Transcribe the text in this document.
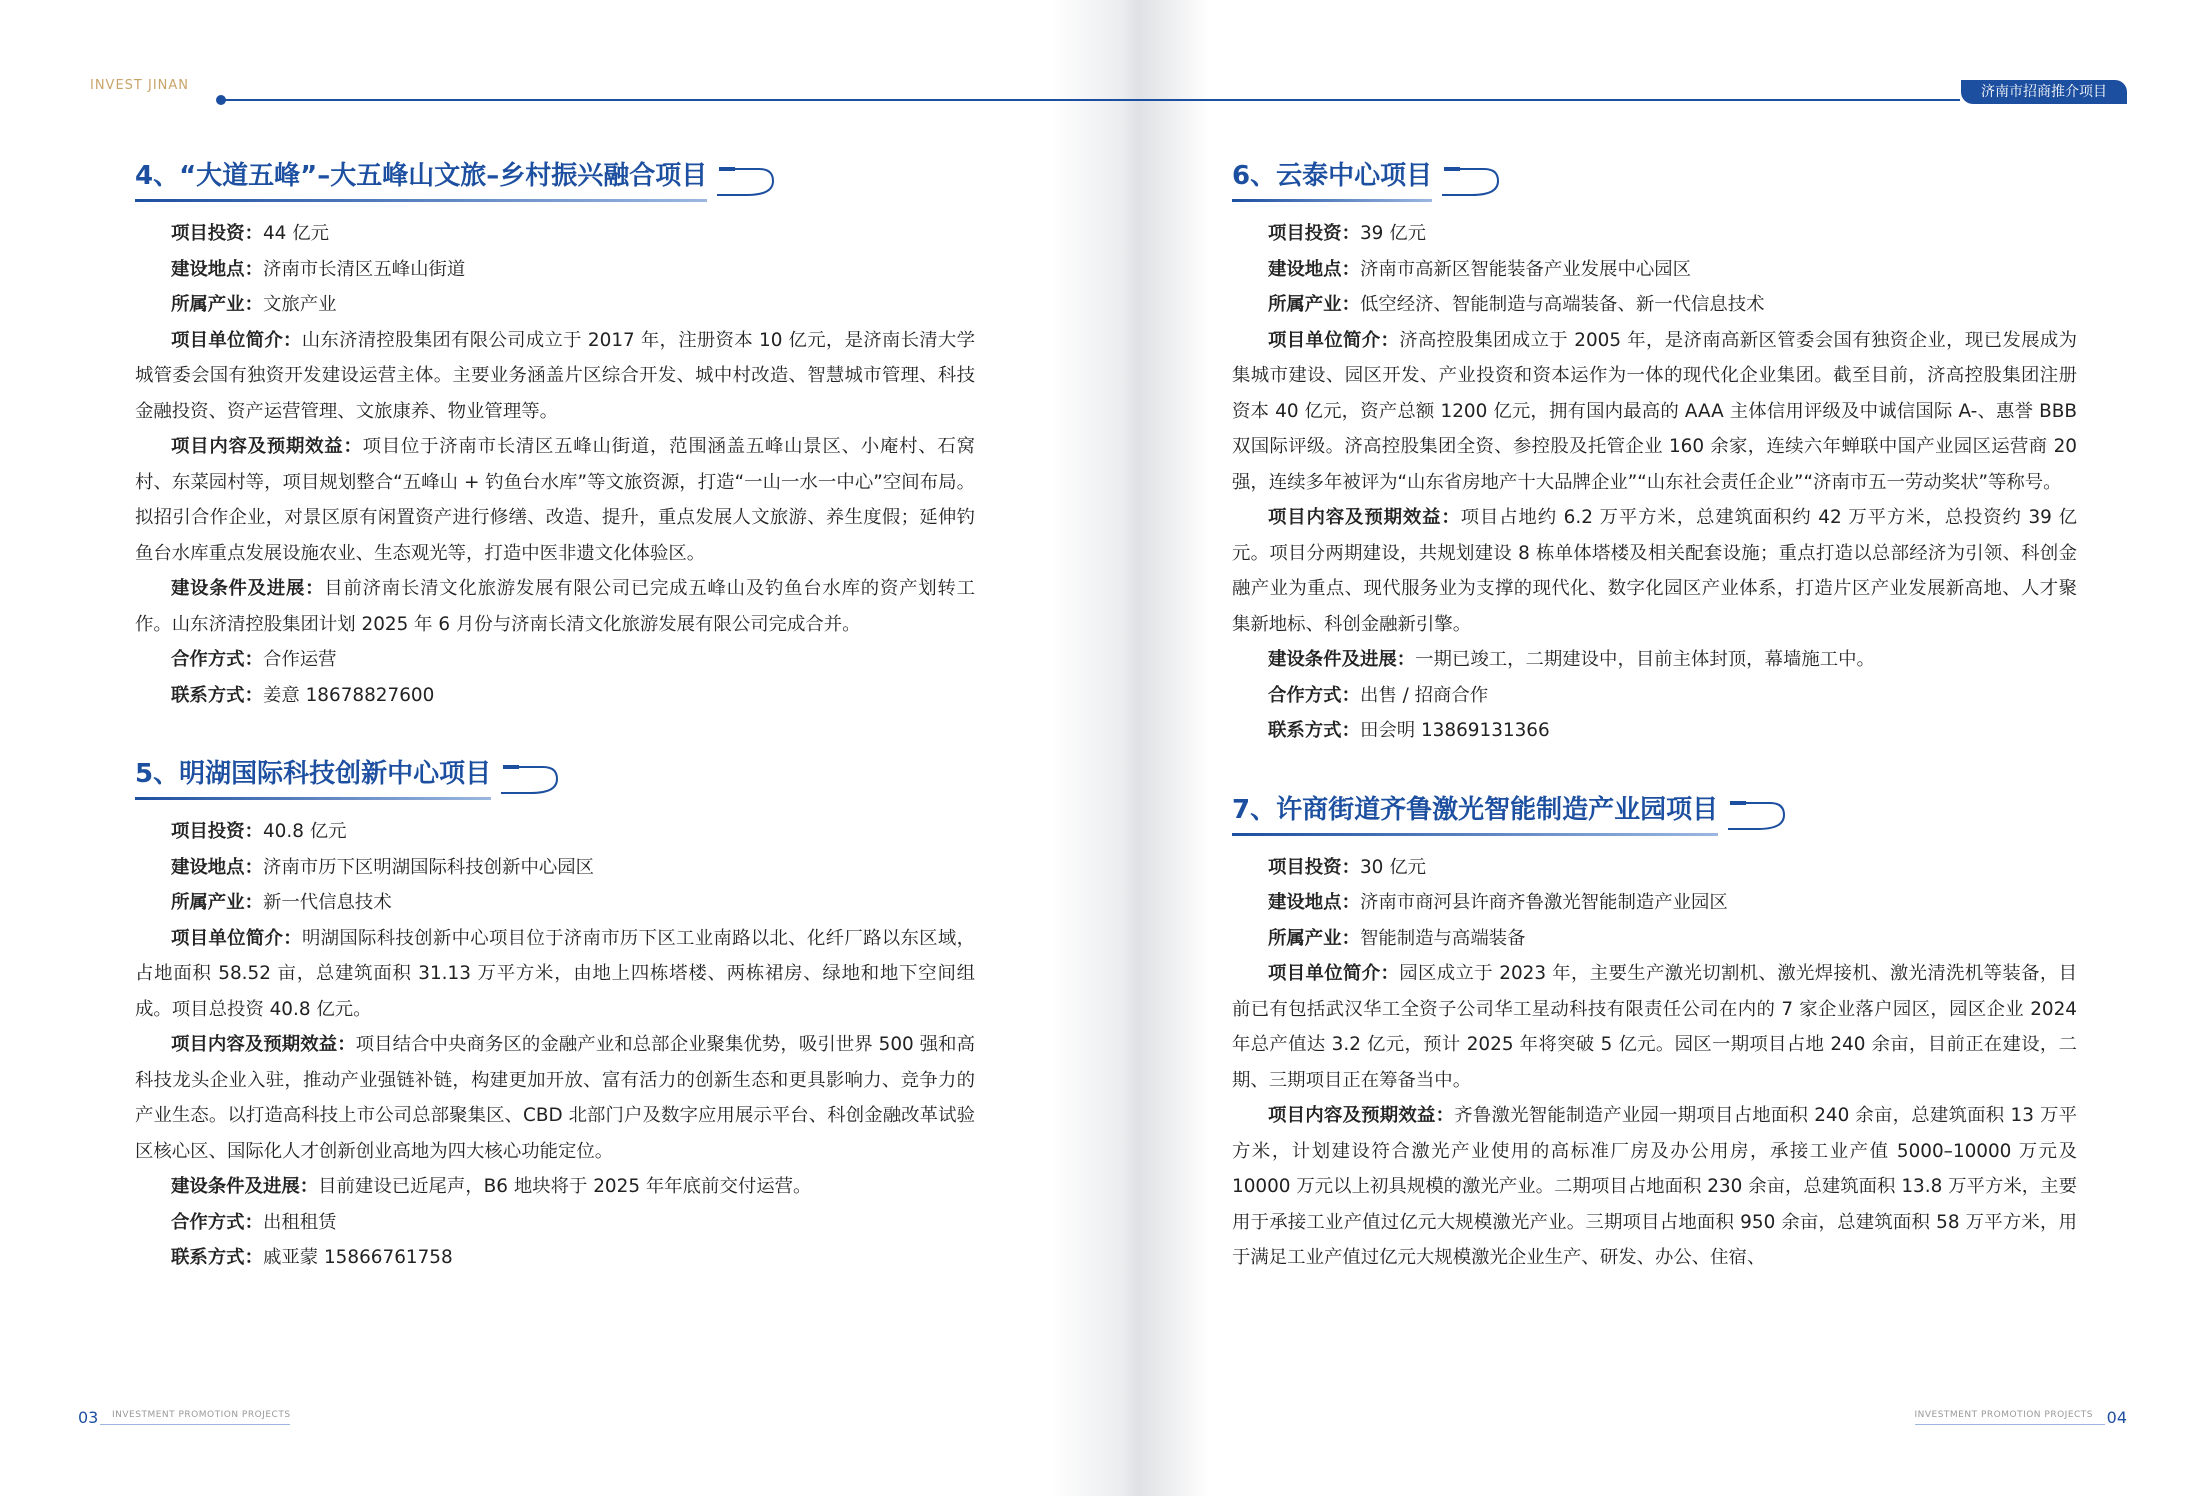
INVEST JINAN	济南市招商推介项目
4、“大道五峰”–大五峰山文旅–乡村振兴融合项目
项目投资：44 亿元
建设地点：济南市长清区五峰山街道
所属产业：文旅产业
项目单位简介：山东济清控股集团有限公司成立于 2017 年，注册资本 10 亿元，是济南长清大学城管委会国有独资开发建设运营主体。主要业务涵盖片区综合开发、城中村改造、智慧城市管理、科技金融投资、资产运营管理、文旅康养、物业管理等。
项目内容及预期效益：项目位于济南市长清区五峰山街道，范围涵盖五峰山景区、小庵村、石窝村、东菜园村等，项目规划整合“五峰山 + 钓鱼台水库”等文旅资源，打造“一山一水一中心”空间布局。拟招引合作企业，对景区原有闲置资产进行修缮、改造、提升，重点发展人文旅游、养生度假；延伸钓鱼台水库重点发展设施农业、生态观光等，打造中医非遗文化体验区。
建设条件及进展：目前济南长清文化旅游发展有限公司已完成五峰山及钓鱼台水库的资产划转工作。山东济清控股集团计划 2025 年 6 月份与济南长清文化旅游发展有限公司完成合并。
合作方式：合作运营
联系方式：姜意 18678827600
5、明湖国际科技创新中心项目
项目投资：40.8 亿元
建设地点：济南市历下区明湖国际科技创新中心园区
所属产业：新一代信息技术
项目单位简介：明湖国际科技创新中心项目位于济南市历下区工业南路以北、化纤厂路以东区域，占地面积 58.52 亩，总建筑面积 31.13 万平方米，由地上四栋塔楼、两栋裙房、绿地和地下空间组成。项目总投资 40.8 亿元。
项目内容及预期效益：项目结合中央商务区的金融产业和总部企业聚集优势，吸引世界 500 强和高科技龙头企业入驻，推动产业强链补链，构建更加开放、富有活力的创新生态和更具影响力、竞争力的产业生态。以打造高科技上市公司总部聚集区、CBD 北部门户及数字应用展示平台、科创金融改革试验区核心区、国际化人才创新创业高地为四大核心功能定位。
建设条件及进展：目前建设已近尾声，B6 地块将于 2025 年年底前交付运营。
合作方式：出租租赁
联系方式：戚亚蒙 15866761758
6、云泰中心项目
项目投资：39 亿元
建设地点：济南市高新区智能装备产业发展中心园区
所属产业：低空经济、智能制造与高端装备、新一代信息技术
项目单位简介：济高控股集团成立于 2005 年，是济南高新区管委会国有独资企业，现已发展成为集城市建设、园区开发、产业投资和资本运作为一体的现代化企业集团。截至目前，济高控股集团注册资本 40 亿元，资产总额 1200 亿元，拥有国内最高的 AAA 主体信用评级及中诚信国际 A-、惠誉 BBB 双国际评级。济高控股集团全资、参控股及托管企业 160 余家，连续六年蝉联中国产业园区运营商 20 强，连续多年被评为“山东省房地产十大品牌企业”“山东社会责任企业”“济南市五一劳动奖状”等称号。
项目内容及预期效益：项目占地约 6.2 万平方米，总建筑面积约 42 万平方米，总投资约 39 亿元。项目分两期建设，共规划建设 8 栋单体塔楼及相关配套设施；重点打造以总部经济为引领、科创金融产业为重点、现代服务业为支撑的现代化、数字化园区产业体系，打造片区产业发展新高地、人才聚集新地标、科创金融新引擎。
建设条件及进展：一期已竣工，二期建设中，目前主体封顶，幕墙施工中。
合作方式：出售 / 招商合作
联系方式：田会明 13869131366
7、许商街道齐鲁激光智能制造产业园项目
项目投资：30 亿元
建设地点：济南市商河县许商齐鲁激光智能制造产业园区
所属产业：智能制造与高端装备
项目单位简介：园区成立于 2023 年，主要生产激光切割机、激光焊接机、激光清洗机等装备，目前已有包括武汉华工全资子公司华工星动科技有限责任公司在内的 7 家企业落户园区，园区企业 2024 年总产值达 3.2 亿元，预计 2025 年将突破 5 亿元。园区一期项目占地 240 余亩，目前正在建设，二期、三期项目正在筹备当中。
项目内容及预期效益：齐鲁激光智能制造产业园一期项目占地面积 240 余亩，总建筑面积 13 万平方米，计划建设符合激光产业使用的高标准厂房及办公用房，承接工业产值 5000–10000 万元及 10000 万元以上初具规模的激光产业。二期项目占地面积 230 余亩，总建筑面积 13.8 万平方米，主要用于承接工业产值过亿元大规模激光产业。三期项目占地面积 950 余亩，总建筑面积 58 万平方米，用于满足工业产值过亿元大规模激光企业生产、研发、办公、住宿、
03 INVESTMENT PROMOTION PROJECTS	04
INVESTMENT PROMOTION PROJECTS
